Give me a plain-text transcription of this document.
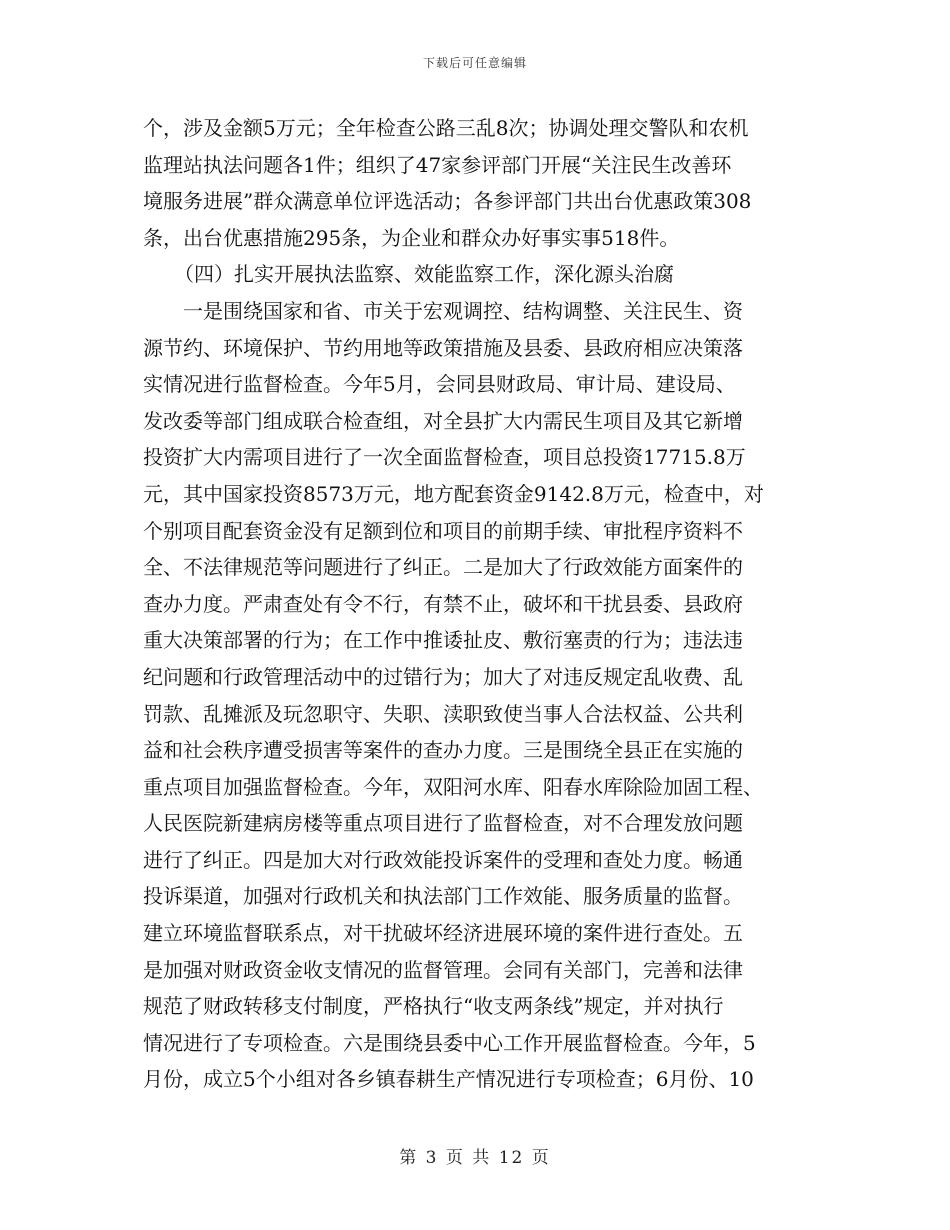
下载后可任意编辑
个，涉及金额5万元；全年检查公路三乱8次；协调处理交警队和农机
监理站执法问题各1件；组织了47家参评部门开展“关注民生改善环
境服务进展”群众满意单位评选活动；各参评部门共出台优惠政策308
条，出台优惠措施295条，为企业和群众办好事实事518件。
（四）扎实开展执法监察、效能监察工作，深化源头治腐
一是围绕国家和省、市关于宏观调控、结构调整、关注民生、资
源节约、环境保护、节约用地等政策措施及县委、县政府相应决策落
实情况进行监督检查。今年5月，会同县财政局、审计局、建设局、
发改委等部门组成联合检查组，对全县扩大内需民生项目及其它新增
投资扩大内需项目进行了一次全面监督检查，项目总投资17715.8万
元，其中国家投资8573万元，地方配套资金9142.8万元，检查中，对
个别项目配套资金没有足额到位和项目的前期手续、审批程序资料不
全、不法律规范等问题进行了纠正。二是加大了行政效能方面案件的
查办力度。严肃查处有令不行，有禁不止，破坏和干扰县委、县政府
重大决策部署的行为；在工作中推诿扯皮、敷衍塞责的行为；违法违
纪问题和行政管理活动中的过错行为；加大了对违反规定乱收费、乱
罚款、乱摊派及玩忽职守、失职、渎职致使当事人合法权益、公共利
益和社会秩序遭受损害等案件的查办力度。三是围绕全县正在实施的
重点项目加强监督检查。今年，双阳河水库、阳春水库除险加固工程、
人民医院新建病房楼等重点项目进行了监督检查，对不合理发放问题
进行了纠正。四是加大对行政效能投诉案件的受理和查处力度。畅通
投诉渠道，加强对行政机关和执法部门工作效能、服务质量的监督。
建立环境监督联系点，对干扰破坏经济进展环境的案件进行查处。五
是加强对财政资金收支情况的监督管理。会同有关部门，完善和法律
规范了财政转移支付制度，严格执行“收支两条线”规定，并对执行
情况进行了专项检查。六是围绕县委中心工作开展监督检查。今年，5
月份，成立5个小组对各乡镇春耕生产情况进行专项检查；6月份、10
第 3 页 共 12 页
